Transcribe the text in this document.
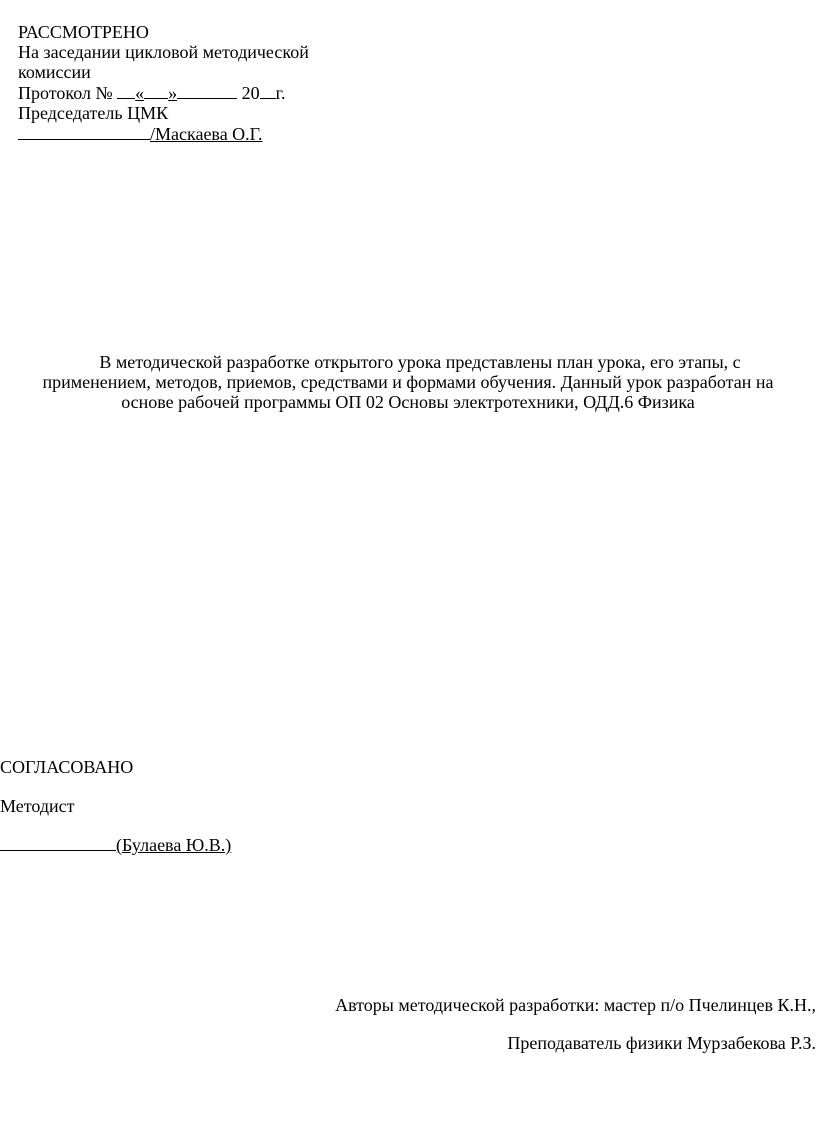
РАССМОТРЕНО
На заседании цикловой методической
комиссии
Протокол № « »	20 г.
Председатель ЦМК
/Маскаева О.Г.
В методической разработке открытого урока представлены план урока, его этапы, с
применением, методов, приемов, средствами и формами обучения. Данный урок разработан на
основе рабочей программы ОП 02 Основы электротехники, ОДД.6 Физика
СОГЛАСОВАНО
Методист
(Булаева Ю.В.)
Авторы методической разработки: мастер п/о Пчелинцев К.Н.,
Преподаватель физики Мурзабекова Р.З.
